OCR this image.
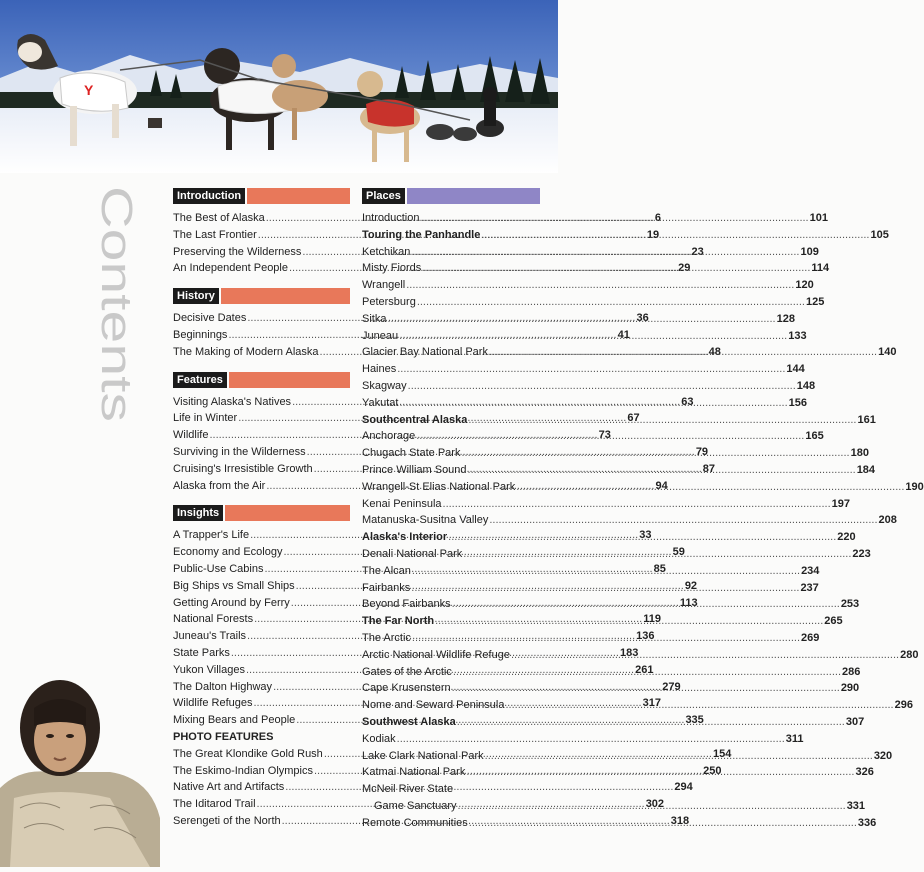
Y
Contents	Introduction
The Best of Alaska .....	6
The Last Frontier .....	19
Preserving the Wilderness .....	23
An Independent People .....	29
History
Decisive Dates .....	36
Beginnings .....	41
The Making of Modern Alaska .....	48
Features
Visiting Alaska's Natives .....	63
Life in Winter .....	67
Wildlife .....	73
Surviving in the Wilderness .....	79
Cruising's Irresistible Growth .....	87
Alaska from the Air .....	94
Insights
A Trapper's Life .....	33
Economy and Ecology .....	59
Public-Use Cabins .....	85
Big Ships vs Small Ships .....	92
Getting Around by Ferry .....	113
National Forests .....	119
Juneau's Trails .....	136
State Parks .....	183
Yukon Villages .....	261
The Dalton Highway .....	279
Wildlife Refuges .....	317
Mixing Bears and People .....	335
PHOTO FEATURES
The Great Klondike Gold Rush .....	154
The Eskimo-Indian Olympics .....	250
Native Art and Artifacts .....	294
The Iditarod Trail .....	302
Serengeti of the North .....	318
Places
Introduction .....	101
Touring the Panhandle .....	105
Ketchikan .....	109
Misty Fiords .....	114
Wrangell .....	120
Petersburg .....	125
Sitka .....	128
Juneau .....	133
Glacier Bay National Park .....	140
Haines .....	144
Skagway .....	148
Yakutat .....	156
Southcentral Alaska .....	161
Anchorage .....	165
Chugach State Park .....	180
Prince William Sound .....	184
Wrangell-St Elias National Park .....	190
Kenai Peninsula .....	197
Matanuska-Susitna Valley .....	208
Alaska's Interior .....	220
Denali National Park .....	223
The Alcan .....	234
Fairbanks .....	237
Beyond Fairbanks .....	253
The Far North .....	265
The Arctic .....	269
Arctic National Wildlife Refuge .....	280
Gates of the Arctic .....	286
Cape Krusenstern .....	290
Nome and Seward Peninsula .....	296
Southwest Alaska .....	307
Kodiak .....	311
Lake Clark National Park .....	320
Katmai National Park .....	326
McNeil River State
Game Sanctuary .....	331
Remote Communities .....	336
